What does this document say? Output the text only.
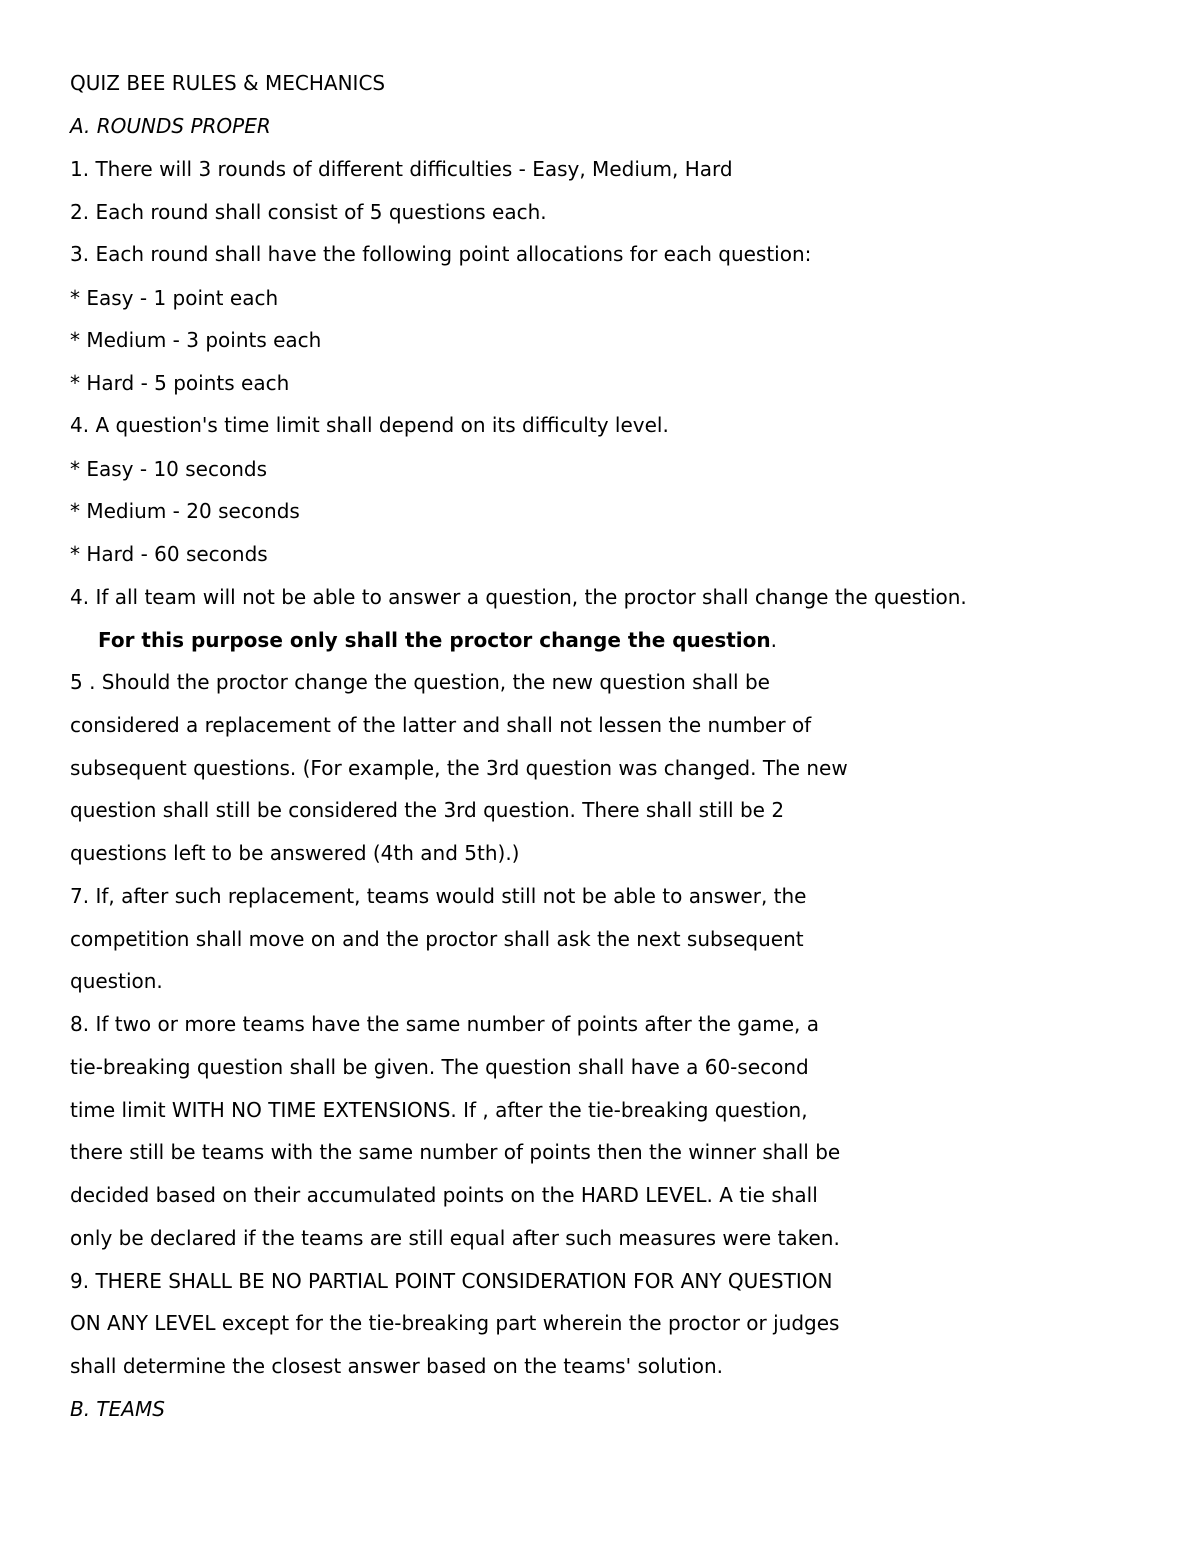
QUIZ BEE RULES & MECHANICS
A. ROUNDS PROPER
1. There will 3 rounds of different difficulties - Easy, Medium, Hard
2. Each round shall consist of 5 questions each.
3. Each round shall have the following point allocations for each question:
* Easy - 1 point each
* Medium - 3 points each
* Hard - 5 points each
4. A question's time limit shall depend on its difficulty level.
* Easy - 10 seconds
* Medium - 20 seconds
* Hard - 60 seconds
4. If all team will not be able to answer a question, the proctor shall change the question.
For this purpose only shall the proctor change the question.
5 . Should the proctor change the question, the new question shall be
considered a replacement of the latter and shall not lessen the number of
subsequent questions. (For example, the 3rd question was changed. The new
question shall still be considered the 3rd question. There shall still be 2
questions left to be answered (4th and 5th).)
7. If, after such replacement, teams would still not be able to answer, the
competition shall move on and the proctor shall ask the next subsequent
question.
8. If two or more teams have the same number of points after the game, a
tie-breaking question shall be given. The question shall have a 60-second
time limit WITH NO TIME EXTENSIONS. If , after the tie-breaking question,
there still be teams with the same number of points then the winner shall be
decided based on their accumulated points on the HARD LEVEL. A tie shall
only be declared if the teams are still equal after such measures were taken.
9. THERE SHALL BE NO PARTIAL POINT CONSIDERATION FOR ANY QUESTION
ON ANY LEVEL except for the tie-breaking part wherein the proctor or judges
shall determine the closest answer based on the teams' solution.
B. TEAMS
